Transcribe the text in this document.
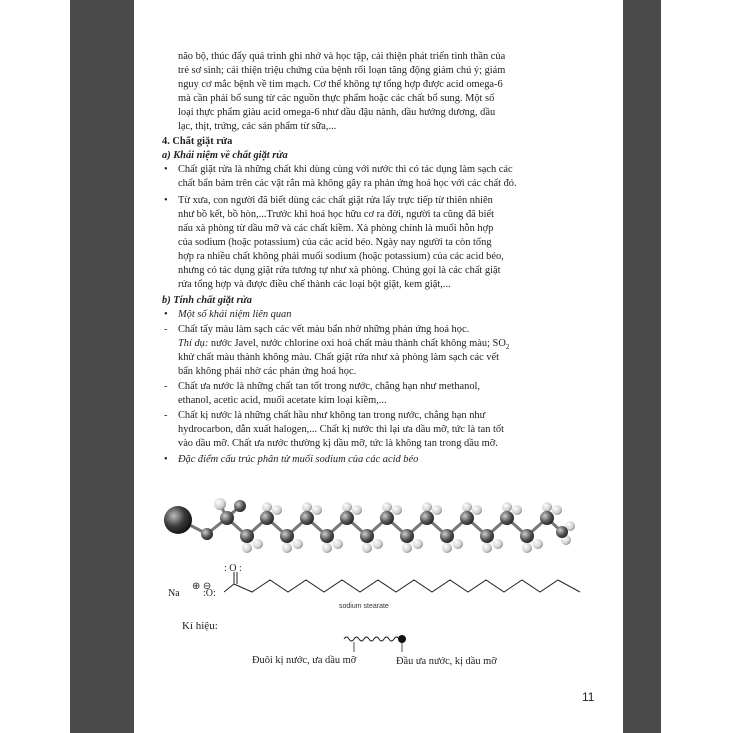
não bộ, thúc đẩy quá trình ghi nhớ và học tập, cải thiện phát triển tinh thần của
trẻ sơ sinh; cải thiện triệu chứng của bệnh rối loạn tăng động giảm chú ý; giảm
nguy cơ mắc bệnh về tim mạch. Cơ thể không tự tổng hợp được acid omega-6
mà cần phải bổ sung từ các nguồn thực phẩm hoặc các chất bổ sung. Một số
loại thực phẩm giàu acid omega-6 như dầu đậu nành, dầu hướng dương, dầu
lạc, thịt, trứng, các sản phẩm từ sữa,...
4. Chất giặt rửa
a) Khái niệm về chất giặt rửa
• Chất giặt rửa là những chất khi dùng cùng với nước thì có tác dụng làm sạch các
chất bẩn bám trên các vật rắn mà không gây ra phản ứng hoá học với các chất đó.
• Từ xưa, con người đã biết dùng các chất giặt rửa lấy trực tiếp từ thiên nhiên
như bồ kết, bồ hòn,...Trước khi hoá học hữu cơ ra đời, người ta cũng đã biết
nấu xà phòng từ dầu mỡ và các chất kiềm. Xà phòng chính là muối hỗn hợp
của sodium (hoặc potassium) của các acid béo. Ngày nay người ta còn tổng
hợp ra nhiều chất không phải muối sodium (hoặc potassium) của các acid béo,
nhưng có tác dụng giặt rửa tương tự như xà phòng. Chúng gọi là các chất giặt
rửa tổng hợp và được điều chế thành các loại bột giặt, kem giặt,...
b) Tính chất giặt rửa
• Một số khái niệm liên quan
- Chất tẩy màu làm sạch các vết màu bẩn nhờ những phản ứng hoá học.
Thí dụ: nước Javel, nước chlorine oxi hoá chất màu thành chất không màu; $SO_2$
khử chất màu thành không màu. Chất giặt rửa như xà phòng làm sạch các vết
bẩn không phải nhờ các phản ứng hoá học.
- Chất ưa nước là những chất tan tốt trong nước, chẳng hạn như methanol,
ethanol, acetic acid, muối acetate kim loại kiềm,...
- Chất kị nước là những chất hầu như không tan trong nước, chẳng hạn như
hydrocarbon, dẫn xuất halogen,... Chất kị nước thì lại ưa dầu mỡ, tức là tan tốt
vào dầu mỡ. Chất ưa nước thường kị dầu mỡ, tức là không tan trong dầu mỡ.
• Đặc điểm cấu trúc phân tử muối sodium của các acid béo
: O :
⊕ ⊖
Na :O:
sodium stearate
Kí hiệu:
Đuôi kị nước, ưa dầu mỡ	Đầu ưa nước, kị dầu mỡ
11
